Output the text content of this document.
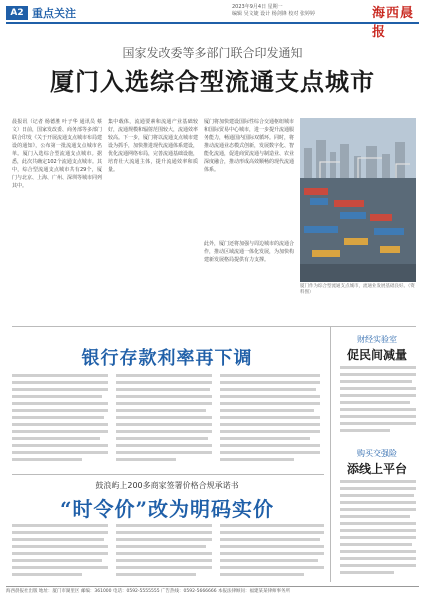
A2 重点关注	2023年9月4日 星期一
编辑 吴文婕 设计 杨剑锋 校对 张婷婷	海西晨报
国家发改委等多部门联合印发通知
厦门入选综合型流通支点城市
晨报讯（记者 杨德胜 叶子华 通讯员 蔡文）日前，国家发改委、商务部等多部门联合印发《关于开展流通支点城市布局建设的通知》，公布第一批流通支点城市名单。厦门入选综合型流通支点城市。据悉，此次共确定102个流通支点城市。其中，综合型流通支点城市共有29个，厦门与北京、上海、广州、深圳等城市同列其中。
集中载体，流通要素和流通产业基础较好，流通规模和辐射范围较大，流通效率较高。下一步，厦门将以流通支点城市建设为抓手，加快推进现代流通体系建设，优化流通网络布局，完善流通基础设施，培育壮大流通主体，提升流通效率和质量。
厦门将加快建设国际性综合交通枢纽城市和国际贸易中心城市，进一步提升流通服务能力，畅通国内国际双循环。同时，将推动流通业态模式创新，发展数字化、智能化流通，促进商贸流通与制造业、农业深度融合，推动形成高效顺畅的现代流通体系。
此外，厦门还将加强与周边城市的流通合作，推动区域流通一体化发展，为加快构建新发展格局提供有力支撑。
厦门作为综合型流通支点城市，流通业发展基础良好。（资料图）
银行存款利率再下调
财经实验室
促民间减量
购买交强险
添线上平台
鼓浪屿上200多商家签署价格合规承诺书
“时令价”改为明码实价
海西晨报社出版 地址：厦门市湖里区 邮编：361000 电话：0592-5555555 广告热线：0592-5666666 本报法律顾问：福建某某律师事务所
